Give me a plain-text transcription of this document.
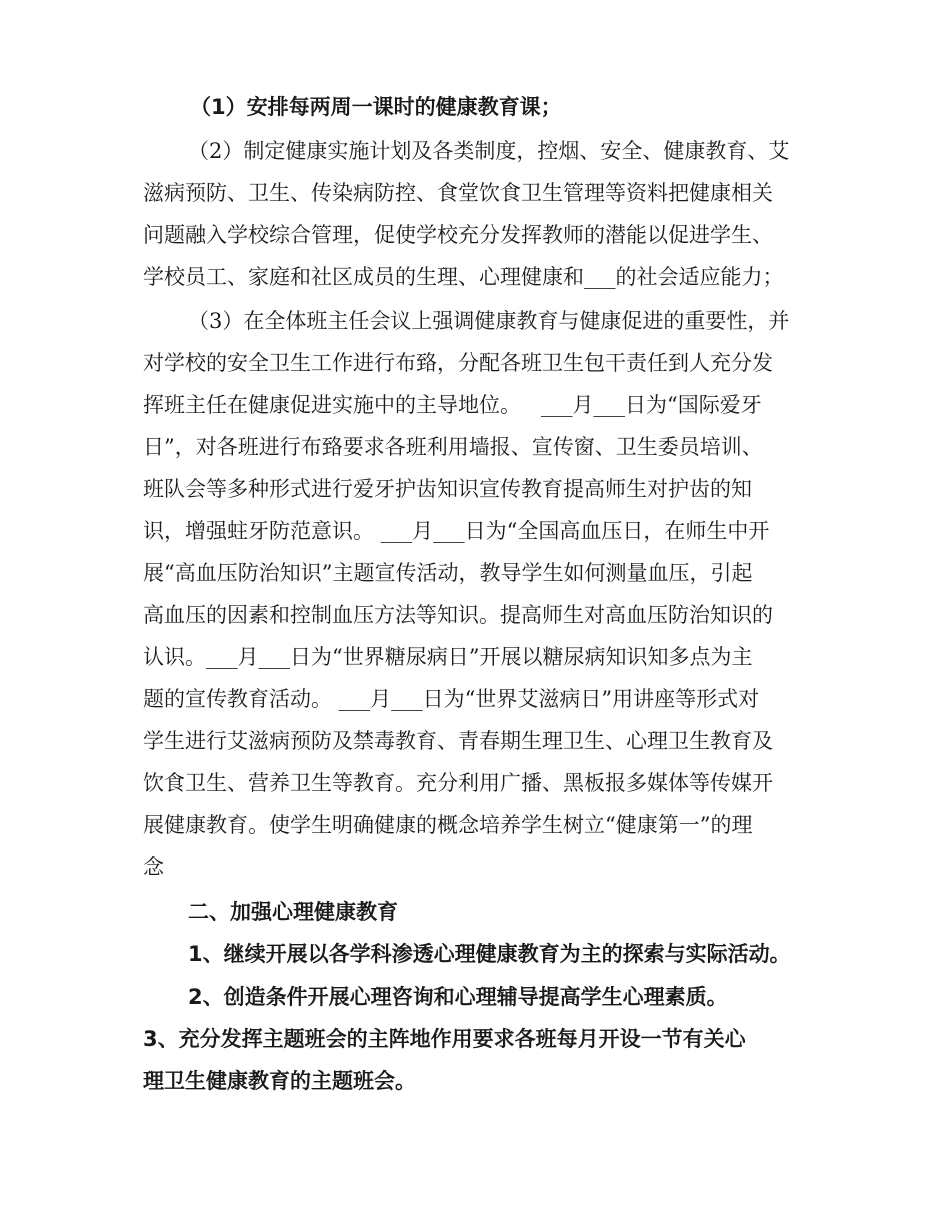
（1）安排每两周一课时的健康教育课；
（2）制定健康实施计划及各类制度，控烟、安全、健康教育、艾
滋病预防、卫生、传染病防控、食堂饮食卫生管理等资料把健康相关
问题融入学校综合管理，促使学校充分发挥教师的潜能以促进学生、
学校员工、家庭和社区成员的生理、心理健康和___的社会适应能力；
（3）在全体班主任会议上强调健康教育与健康促进的重要性，并
对学校的安全卫生工作进行布臵，分配各班卫生包干责任到人充分发
挥班主任在健康促进实施中的主导地位。   ___月___日为“国际爱牙
日”，对各班进行布臵要求各班利用墙报、宣传窗、卫生委员培训、
班队会等多种形式进行爱牙护齿知识宣传教育提高师生对护齿的知
识，增强蛀牙防范意识。 ___月___日为“全国高血压日，在师生中开
展“高血压防治知识”主题宣传活动，教导学生如何测量血压，引起
高血压的因素和控制血压方法等知识。提高师生对高血压防治知识的
认识。___月___日为“世界糖尿病日”开展以糖尿病知识知多点为主
题的宣传教育活动。 ___月___日为“世界艾滋病日”用讲座等形式对
学生进行艾滋病预防及禁毒教育、青春期生理卫生、心理卫生教育及
饮食卫生、营养卫生等教育。充分利用广播、黑板报多媒体等传媒开
展健康教育。使学生明确健康的概念培养学生树立“健康第一”的理
念
二、加强心理健康教育
1、继续开展以各学科渗透心理健康教育为主的探索与实际活动。
2、创造条件开展心理咨询和心理辅导提高学生心理素质。
3、充分发挥主题班会的主阵地作用要求各班每月开设一节有关心
理卫生健康教育的主题班会。
